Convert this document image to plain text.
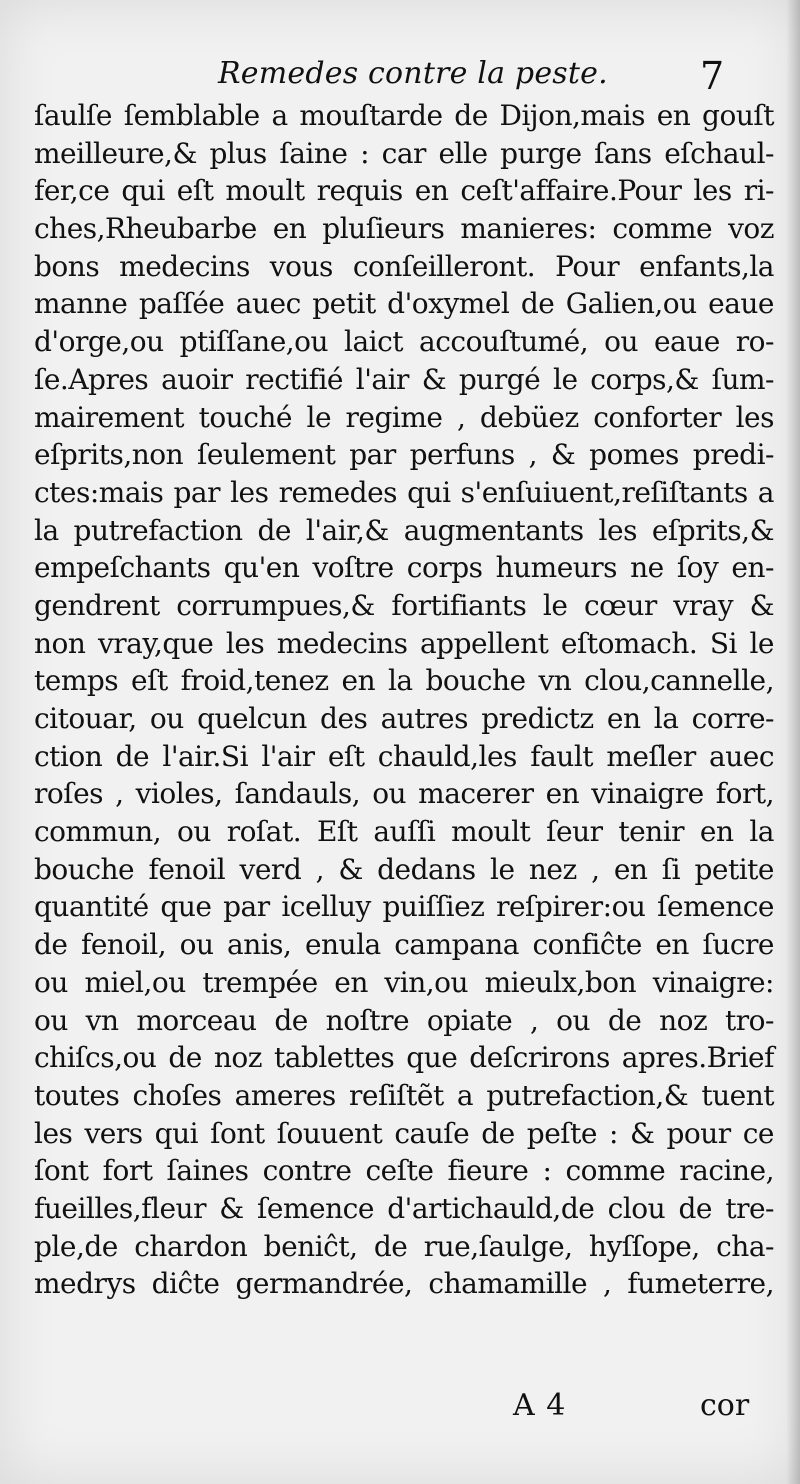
Remedes contre la peste. 7
ſaulſe ſemblable a mouſtarde de Dijon,mais en gouſt
meilleure,& plus ſaine : car elle purge ſans eſchaul-
fer,ce qui eſt moult requis en ceſt'affaire.Pour les ri-
ches,Rheubarbe en pluſieurs manieres: comme voz
bons medecins vous conſeilleront. Pour enfants,la
manne paſſée auec petit d'oxymel de Galien,ou eaue
d'orge,ou ptiſſane,ou laict accouſtumé, ou eaue ro-
ſe.Apres auoir rectifié l'air & purgé le corps,& ſum-
mairement touché le regime , debüez conforter les
eſprits,non ſeulement par perfuns , & pomes predi-
ctes:mais par les remedes qui s'enſuiuent,reſiſtants a
la putrefaction de l'air,& augmentants les eſprits,&
empeſchants qu'en voſtre corps humeurs ne ſoy en-
gendrent corrumpues,& fortifiants le cœur vray &
non vray,que les medecins appellent eſtomach. Si le
temps eſt froid,tenez en la bouche vn clou,cannelle,
citouar, ou quelcun des autres predictz en la corre-
ction de l'air.Si l'air eſt chauld,les fault meſler auec
roſes , violes, ſandauls, ou macerer en vinaigre fort,
commun, ou roſat. Eſt auſſi moult ſeur tenir en la
bouche fenoil verd , & dedans le nez , en ſi petite
quantité que par icelluy puiſſiez reſpirer:ou ſemence
de fenoil, ou anis, enula campana confiĉte en ſucre
ou miel,ou trempée en vin,ou mieulx,bon vinaigre:
ou vn morceau de noſtre opiate , ou de noz tro-
chiſcs,ou de noz tablettes que deſcrirons apres.Brief
toutes choſes ameres reſiſtẽt a putrefaction,& tuent
les vers qui ſont ſouuent cauſe de peſte : & pour ce
ſont fort ſaines contre ceſte fieure : comme racine,
fueilles,fleur & ſemence d'artichauld,de clou de tre-
ple,de chardon beniĉt, de rue,ſaulge, hyſſope, cha-
medrys diĉte germandrée, chamamille , fumeterre,
A 4	cor
